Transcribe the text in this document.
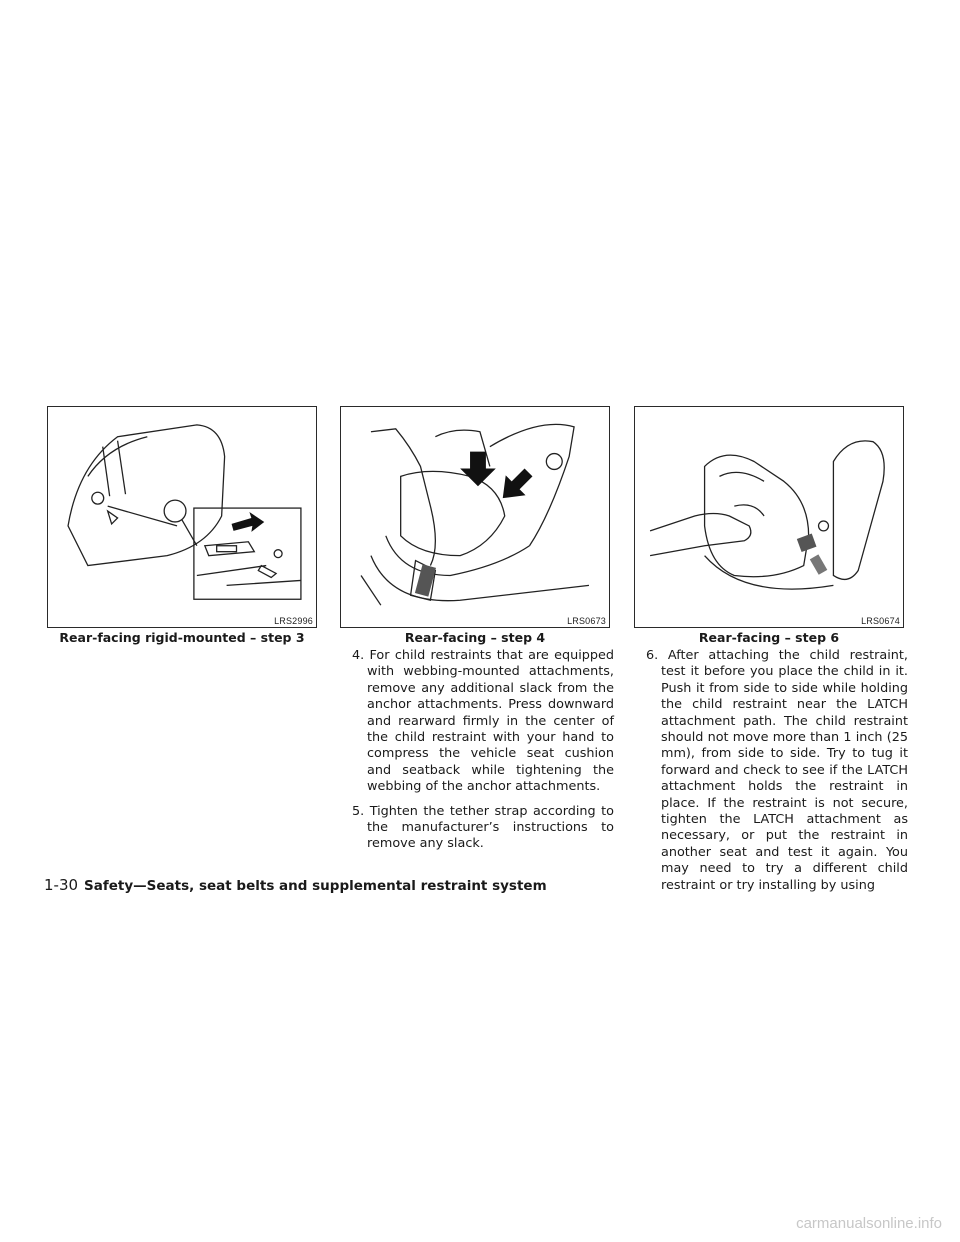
LRS2996
Rear-facing rigid-mounted – step 3
LRS0673
Rear-facing – step 4
LRS0674
Rear-facing – step 6

4. For child restraints that are equipped with webbing-mounted attachments, remove any additional slack from the anchor attachments. Press downward and rearward firmly in the center of the child restraint with your hand to compress the vehicle seat cushion and seatback while tightening the webbing of the anchor attachments.

5. Tighten the tether strap according to the manufacturer’s instructions to remove any slack.

6. After attaching the child restraint, test it before you place the child in it. Push it from side to side while holding the child restraint near the LATCH attachment path. The child restraint should not move more than 1 inch (25 mm), from side to side. Try to tug it forward and check to see if the LATCH attachment holds the restraint in place. If the restraint is not secure, tighten the LATCH attachment as necessary, or put the restraint in another seat and test it again. You may need to try a different child restraint or try installing by using

1-30 Safety—Seats, seat belts and supplemental restraint system
carmanualsonline.info
